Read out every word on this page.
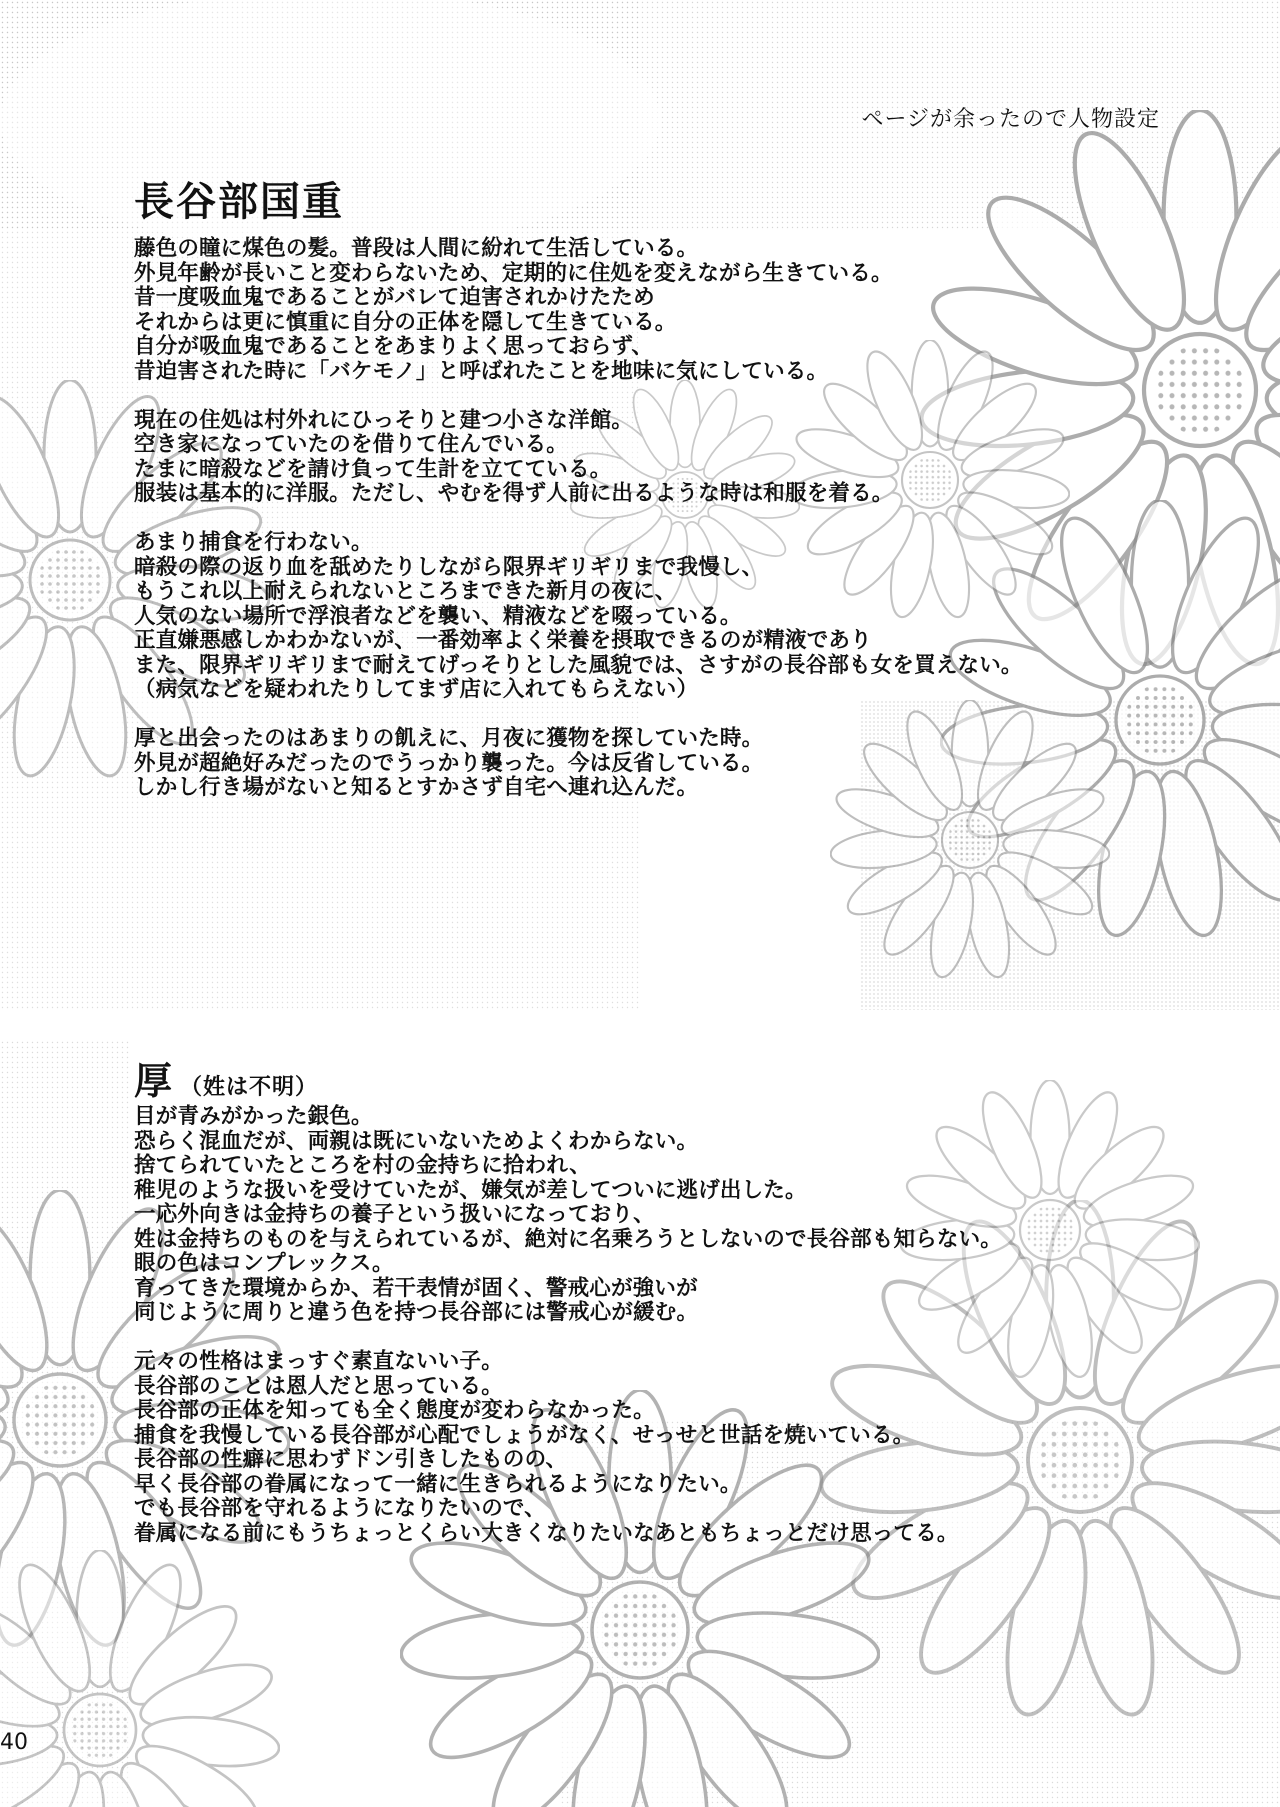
ページが余ったので人物設定
長谷部国重

藤色の瞳に煤色の髪。普段は人間に紛れて生活している。
外見年齢が長いこと変わらないため、定期的に住処を変えながら生きている。
昔一度吸血鬼であることがバレて迫害されかけたため
それからは更に慎重に自分の正体を隠して生きている。
自分が吸血鬼であることをあまりよく思っておらず、
昔迫害された時に「バケモノ」と呼ばれたことを地味に気にしている。

現在の住処は村外れにひっそりと建つ小さな洋館。
空き家になっていたのを借りて住んでいる。
たまに暗殺などを請け負って生計を立てている。
服装は基本的に洋服。ただし、やむを得ず人前に出るような時は和服を着る。

あまり捕食を行わない。
暗殺の際の返り血を舐めたりしながら限界ギリギリまで我慢し、
もうこれ以上耐えられないところまできた新月の夜に、
人気のない場所で浮浪者などを襲い、精液などを啜っている。
正直嫌悪感しかわかないが、一番効率よく栄養を摂取できるのが精液であり
また、限界ギリギリまで耐えてげっそりとした風貌では、さすがの長谷部も女を買えない。
（病気などを疑われたりしてまず店に入れてもらえない）

厚と出会ったのはあまりの飢えに、月夜に獲物を探していた時。
外見が超絶好みだったのでうっかり襲った。今は反省している。
しかし行き場がないと知るとすかさず自宅へ連れ込んだ。

厚 （姓は不明）

目が青みがかった銀色。
恐らく混血だが、両親は既にいないためよくわからない。
捨てられていたところを村の金持ちに拾われ、
稚児のような扱いを受けていたが、嫌気が差してついに逃げ出した。
一応外向きは金持ちの養子という扱いになっており、
姓は金持ちのものを与えられているが、絶対に名乗ろうとしないので長谷部も知らない。
眼の色はコンプレックス。
育ってきた環境からか、若干表情が固く、警戒心が強いが
同じように周りと違う色を持つ長谷部には警戒心が緩む。

元々の性格はまっすぐ素直ないい子。
長谷部のことは恩人だと思っている。
長谷部の正体を知っても全く態度が変わらなかった。
捕食を我慢している長谷部が心配でしょうがなく、せっせと世話を焼いている。
長谷部の性癖に思わずドン引きしたものの、
早く長谷部の眷属になって一緒に生きられるようになりたい。
でも長谷部を守れるようになりたいので、
眷属になる前にもうちょっとくらい大きくなりたいなあともちょっとだけ思ってる。

40
